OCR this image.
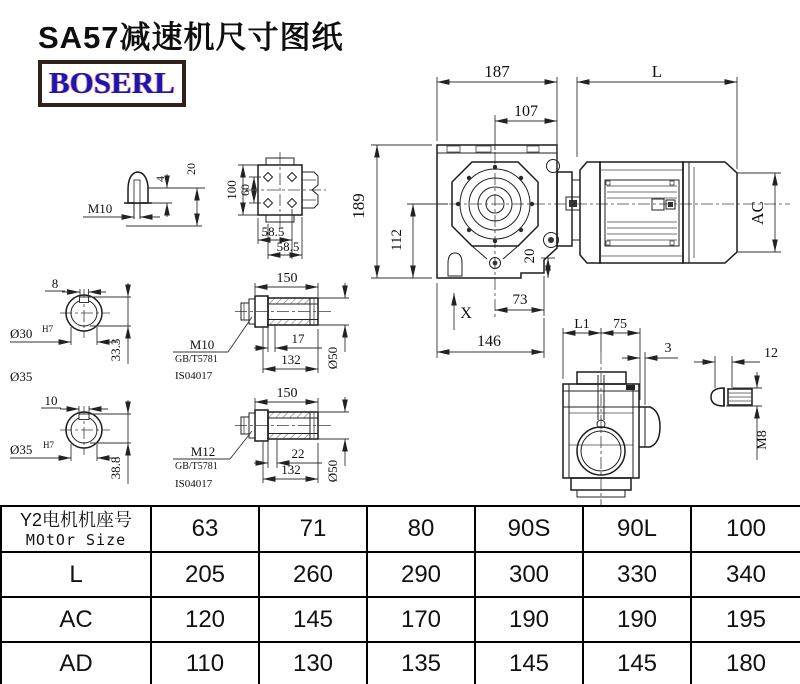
M10
4
20
100 60
58.5
58.5
8
Ø30 H7
33.3
Ø35
150
Ø50
17
132
M10
GB/T5781
IS04017
10
Ø35 H7
38.8
150
Ø50
22
132
M12
GB/T5781
IS04017
187	L
107
189
112
20
X
73
146
AC
L1 75
3	12
M8
SA57减速机尺寸图纸
BOSERL
Y2电机机座号
MOtOr Size	63	71	80	90S	90L	100
L	205	260	290	300	330	340
AC	120	145	170	190	190	195
AD	110	130	135	145	145	180
